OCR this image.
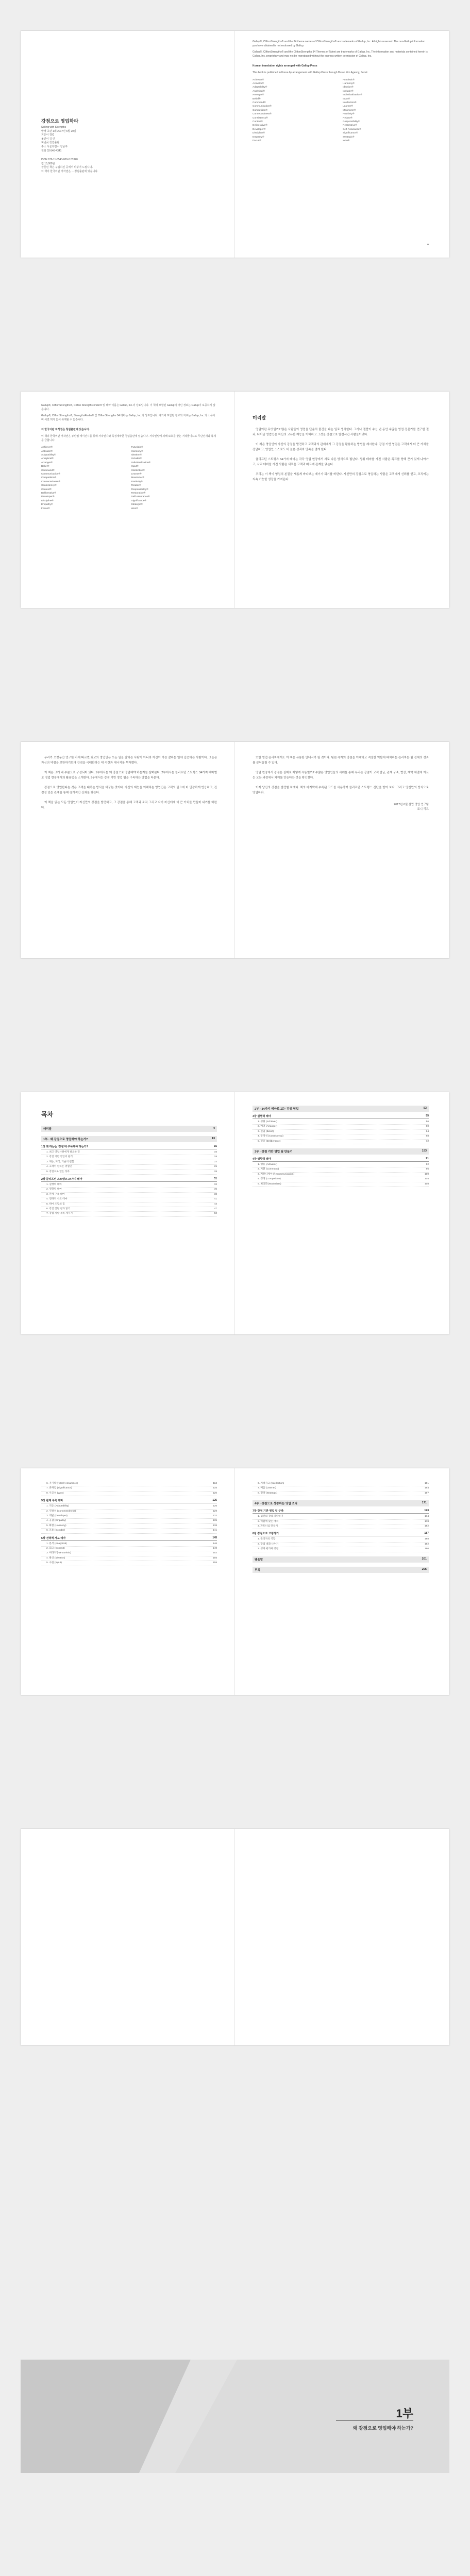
강점으로 영업하라
Selling with Strengths
발행 초판 1쇄 2017년 6월 20일
지은이 갤럽
옮긴이 김 연
펴낸곳 청림출판
주소 서울특별시 강남구
전화 02-546-4341
ISBN 979-11-5540-000-0 03320
값 15,000원
잘못된 책은 구입하신 곳에서 바꾸어 드립니다.
이 책의 한국어판 저작권은 ... 청림출판에 있습니다.

Gallup®, CliftonStrengths® and the 34 theme names of CliftonStrengths® are trademarks of Gallup, Inc. All rights reserved. The non-Gallup information you have obtained is not endorsed by Gallup.

Gallup®, CliftonStrengths® and the CliftonStrengths 34 Themes of Talent are trademarks of Gallup, Inc. The information and materials contained herein is Gallup, Inc. proprietary and may not be reproduced without the express written permission of Gallup, Inc.

Korean translation rights arranged with Gallup Press

This book is published in Korea by arrangement with Gallup Press through Duran Kim Agency, Seoul.

Achiever®
Activator®
Adaptability®
Analytical®
Arranger®
Belief®
Command®
Communication®
Competition®
Connectedness®
Consistency®
Context®
Deliberative®
Developer®
Discipline®
Empathy®
Focus®
Futuristic®
Harmony®
Ideation®
Includer®
Individualization®
Input®
Intellection®
Learner®
Maximizer®
Positivity®
Relator®
Responsibility®
Restorative®
Self-Assurance®
Significance®
Strategic®
Woo®

Gallup®, CliftonStrengths®, Clifton StrengthsFinder® 및 테마 이름은 Gallup, Inc.의 상표입니다. 이 책에 포함된 Gallup이 아닌 정보는 Gallup이 보증하지 않습니다.

Gallup®, CliftonStrengths®, StrengthsFinder® 및 CliftonStrengths 34 테마는 Gallup, Inc.의 상표입니다. 여기에 포함된 정보와 자료는 Gallup, Inc.의 소유이며 서면 허가 없이 복제할 수 없습니다.

이 한국어판 저작권은 청림출판에 있습니다.

이 책의 한국어판 저작권은 듀란킴 에이전시를 통해 저작권자와 독점계약한 청림출판에 있습니다. 저작권법에 의해 보호를 받는 저작물이므로 무단전재와 복제를 금합니다.

Achiever®
Activator®
Adaptability®
Analytical®
Arranger®
Belief®
Command®
Communication®
Competition®
Connectedness®
Consistency®
Context®
Deliberative®
Developer®
Discipline®
Empathy®
Focus®
Futuristic®
Harmony®
Ideation®
Includer®
Individualization®
Input®
Intellection®
Learner®
Maximizer®
Positivity®
Relator®
Responsibility®
Restorative®
Self-Assurance®
Significance®
Strategic®
Woo®
머리말

영업이란 무엇일까? 많은 사람들이 영업을 단순히 물건을 파는 일로 생각한다. 그러나 갤럽이 수십 년 동안 수많은 영업 전문가를 연구한 결과, 뛰어난 영업인은 자신의 고유한 재능을 이해하고 그것을 강점으로 발전시킨 사람들이었다.

이 책은 영업인이 자신의 강점을 발견하고 고객과의 관계에서 그 강점을 활용하는 방법을 제시한다. 강점 기반 영업은 고객에게 더 큰 가치를 전달하고, 영업인 스스로도 더 높은 성과와 만족을 얻게 한다.

클리프턴 스트렝스 34가지 테마는 각각 영업 현장에서 서로 다른 방식으로 빛난다. 성취 테마를 가진 사람은 목표를 향해 끈기 있게 나아가고, 사교 테마를 가진 사람은 새로운 고객과 빠르게 관계를 맺는다.

우리는 이 책이 영업의 본질을 새롭게 바라보는 계기가 되기를 바란다. 자신만의 강점으로 영업하는 사람은 고객에게 신뢰를 얻고, 조직에는 지속 가능한 성장을 가져온다.

우리가 오랫동안 연구한 바에 따르면 최고의 영업인은 모든 일을 잘하는 사람이 아니라 자신이 가장 잘하는 일에 집중하는 사람이다. 그들은 자신의 약점을 보완하기보다 강점을 극대화하는 데 시간과 에너지를 투자했다.

이 책은 크게 네 부분으로 구성되어 있다. 1부에서는 왜 강점으로 영업해야 하는지를 살펴본다. 2부에서는 클리프턴 스트렝스 34가지 테마별로 영업 현장에서의 활용법을 소개한다. 3부에서는 강점 기반 영업 팀을 구축하는 방법을 다룬다.

강점으로 영업한다는 것은 고객을 대하는 방식을 바꾸는 것이다. 자신의 재능을 이해하는 영업인은 고객의 필요에 더 민감하게 반응하고, 진정성 있는 관계를 통해 장기적인 신뢰를 쌓는다.

이 책을 읽는 모든 영업인이 자신만의 강점을 발견하고, 그 강점을 통해 고객과 조직 그리고 자기 자신에게 더 큰 가치를 만들어 내기를 바란다.

또한 영업 관리자에게도 이 책은 유용한 안내서가 될 것이다. 팀원 각자의 강점을 이해하고 적절한 역할에 배치하는 관리자는 팀 전체의 성과를 끌어올릴 수 있다.

영업 현장에서 강점은 실제로 어떻게 작동할까? 수많은 영업인들의 사례를 통해 우리는 강점이 고객 발굴, 관계 구축, 협상, 계약 체결에 이르는 모든 과정에서 차이를 만든다는 것을 확인했다.

이제 당신의 강점을 발견할 차례다. 책의 마지막에 수록된 코드를 사용하여 클리프턴 스트렝스 진단을 받아 보라. 그리고 당신만의 방식으로 영업하라.

2017년 6월 갤럽 영업 연구팀
토니 리드
목차
머리말	4
1부 · 왜 강점으로 영업해야 하는가?	13
1장 왜 하는는 '강점'에 주목해야 하는가?	15
1. 최고 영업사원에게 필요한 것	16
2. 강점 기반 영업의 원리	18
3. 재능, 지식, 기술의 결합	22
4. 고객이 원하는 영업인	25
5. 강점으로 얻는 성과	28
2장 클리프턴 스트렝스 34가지 테마	31
1. 실행력 테마	32
2. 영향력 테마	35
3. 관계 구축 테마	38
4. 전략적 사고 테마	41
5. 테마 조합의 힘	44
6. 강점 진단 결과 읽기	47
7. 강점 개발 계획 세우기	50
2부 · 34가지 테마로 보는 강점 영업	53
3장 실행력 테마	55
1. 성취 (Achiever)	56
2. 배열 (Arranger)	60
3. 신념 (Belief)	64
4. 공정성 (Consistency)	68
5. 신중 (Deliberative)	72
3부 · 강점 기반 영업 팀 만들기	153
4장 영향력 테마	91
1. 행동 (Activator)	92
2. 지휘 (Command)	96
3. 커뮤니케이션 (Communication)	100
4. 경쟁 (Competition)	104
5. 최상화 (Maximizer)	108
6. 자기확신 (Self-Assurance)	112
7. 존재감 (Significance)	116
8. 사교성 (Woo)	120
5장 관계 구축 테마	125
1. 적응 (Adaptability)	126
2. 연결성 (Connectedness)	129
3. 개발 (Developer)	132
4. 공감 (Empathy)	135
5. 화합 (Harmony)	138
6. 포용 (Includer)	141
6장 전략적 사고 테마	145
1. 분석 (Analytical)	146
2. 회고 (Context)	149
3. 미래지향 (Futuristic)	152
4. 발상 (Ideation)	155
5. 수집 (Input)	158
6. 지적사고 (Intellection)	161
7. 배움 (Learner)	164
8. 전략 (Strategic)	167
4부 · 강점으로 성장하는 영업 조직	171
7장 강점 기반 영업 팀 구축	173
1. 팀원의 강점 파악하기	174
2. 역할에 맞는 배치	178
3. 파트너십 만들기	182
8장 강점으로 코칭하기	187
1. 관리자의 역할	188
2. 강점 대화 나누기	192
3. 성과 평가와 강점	196
맺음말	201
부록	205
1부
왜 강점으로 영업해야 하는가?
